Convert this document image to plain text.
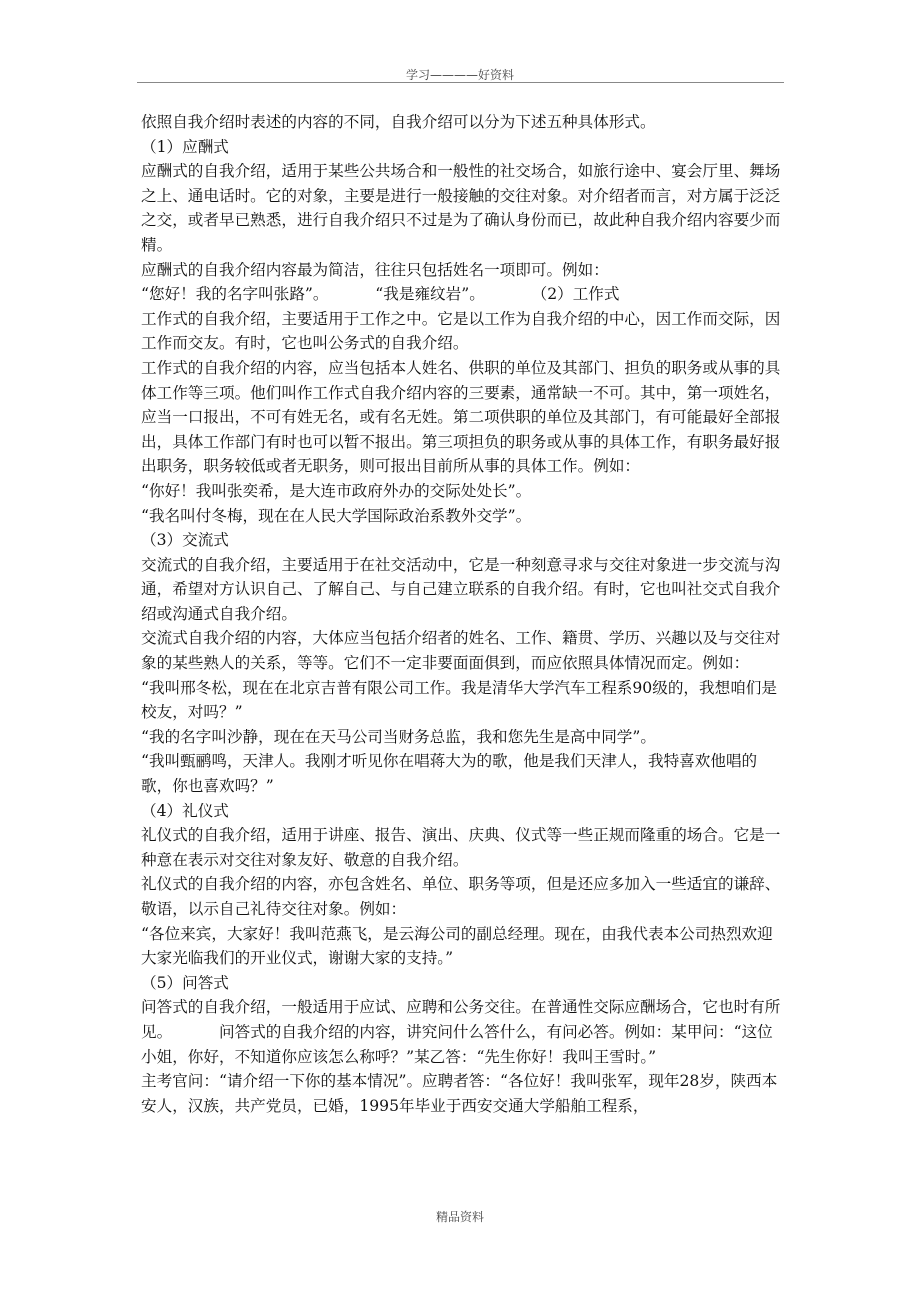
学习————好资料

依照自我介绍时表述的内容的不同，自我介绍可以分为下述五种具体形式。

（1）应酬式

应酬式的自我介绍，适用于某些公共场合和一般性的社交场合，如旅行途中、宴会厅里、舞场之上、通电话时。它的对象，主要是进行一般接触的交往对象。对介绍者而言，对方属于泛泛之交，或者早已熟悉，进行自我介绍只不过是为了确认身份而已，故此种自我介绍内容要少而精。

应酬式的自我介绍内容最为简洁，往往只包括姓名一项即可。例如：

“您好！我的名字叫张路”。	“我是雍纹岩”。	（2）工作式

工作式的自我介绍，主要适用于工作之中。它是以工作为自我介绍的中心，因工作而交际，因工作而交友。有时，它也叫公务式的自我介绍。

工作式的自我介绍的内容，应当包括本人姓名、供职的单位及其部门、担负的职务或从事的具体工作等三项。他们叫作工作式自我介绍内容的三要素，通常缺一不可。其中，第一项姓名，应当一口报出，不可有姓无名，或有名无姓。第二项供职的单位及其部门，有可能最好全部报出，具体工作部门有时也可以暂不报出。第三项担负的职务或从事的具体工作，有职务最好报出职务，职务较低或者无职务，则可报出目前所从事的具体工作。例如：

“你好！我叫张奕希，是大连市政府外办的交际处处长”。

“我名叫付冬梅，现在在人民大学国际政治系教外交学”。

（3）交流式

交流式的自我介绍，主要适用于在社交活动中，它是一种刻意寻求与交往对象进一步交流与沟通，希望对方认识自己、了解自己、与自己建立联系的自我介绍。有时，它也叫社交式自我介绍或沟通式自我介绍。

交流式自我介绍的内容，大体应当包括介绍者的姓名、工作、籍贯、学历、兴趣以及与交往对象的某些熟人的关系，等等。它们不一定非要面面俱到，而应依照具体情况而定。例如：

“我叫邢冬松，现在在北京吉普有限公司工作。我是清华大学汽车工程系90级的，我想咱们是校友，对吗？”

“我的名字叫沙静，现在在天马公司当财务总监，我和您先生是高中同学”。

“我叫甄鹂鸣，天津人。我刚才听见你在唱蒋大为的歌，他是我们天津人，我特喜欢他唱的歌，你也喜欢吗？”

（4）礼仪式

礼仪式的自我介绍，适用于讲座、报告、演出、庆典、仪式等一些正规而隆重的场合。它是一种意在表示对交往对象友好、敬意的自我介绍。

礼仪式的自我介绍的内容，亦包含姓名、单位、职务等项，但是还应多加入一些适宜的谦辞、敬语，以示自己礼待交往对象。例如：

“各位来宾，大家好！我叫范燕飞，是云海公司的副总经理。现在，由我代表本公司热烈欢迎大家光临我们的开业仪式，谢谢大家的支持。”

（5）问答式

问答式的自我介绍，一般适用于应试、应聘和公务交往。在普通性交际应酬场合，它也时有所见。	问答式的自我介绍的内容，讲究问什么答什么，有问必答。例如：某甲问：“这位小姐，你好，不知道你应该怎么称呼？”某乙答：“先生你好！我叫王雪时。”

主考官问：“请介绍一下你的基本情况”。应聘者答：“各位好！我叫张军，现年28岁，陕西本安人，汉族，共产党员，已婚，1995年毕业于西安交通大学船舶工程系，

精品资料
